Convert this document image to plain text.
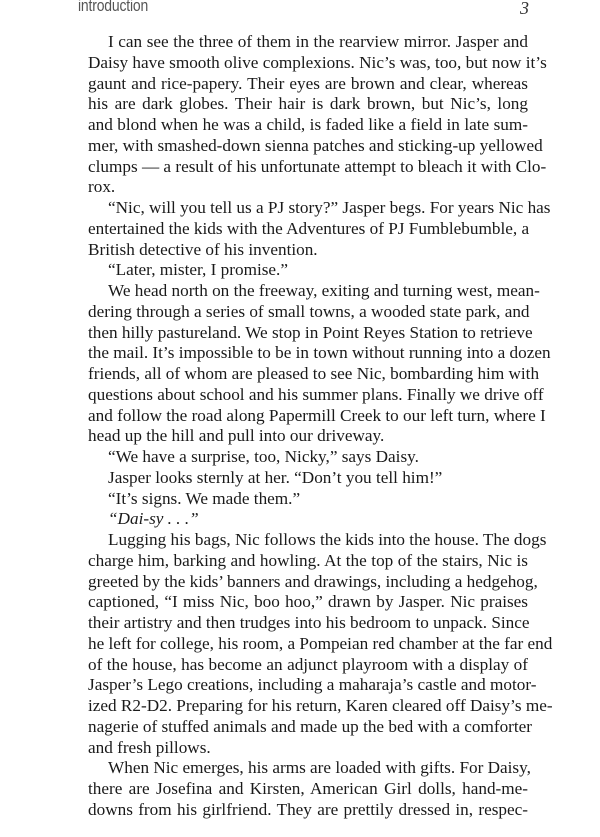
introduction	3
I can see the three of them in the rearview mirror. Jasper and
Daisy have smooth olive complexions. Nic’s was, too, but now it’s
gaunt and rice-papery. Their eyes are brown and clear, whereas
his are dark globes. Their hair is dark brown, but Nic’s, long
and blond when he was a child, is faded like a field in late sum-
mer, with smashed-down sienna patches and sticking-up yellowed
clumps — a result of his unfortunate attempt to bleach it with Clo-
rox.
“Nic, will you tell us a PJ story?” Jasper begs. For years Nic has
entertained the kids with the Adventures of PJ Fumblebumble, a
British detective of his invention.
“Later, mister, I promise.”
We head north on the freeway, exiting and turning west, mean-
dering through a series of small towns, a wooded state park, and
then hilly pastureland. We stop in Point Reyes Station to retrieve
the mail. It’s impossible to be in town without running into a dozen
friends, all of whom are pleased to see Nic, bombarding him with
questions about school and his summer plans. Finally we drive off
and follow the road along Papermill Creek to our left turn, where I
head up the hill and pull into our driveway.
“We have a surprise, too, Nicky,” says Daisy.
Jasper looks sternly at her. “Don’t you tell him!”
“It’s signs. We made them.”
“Dai-sy . . .”
Lugging his bags, Nic follows the kids into the house. The dogs
charge him, barking and howling. At the top of the stairs, Nic is
greeted by the kids’ banners and drawings, including a hedgehog,
captioned, “I miss Nic, boo hoo,” drawn by Jasper. Nic praises
their artistry and then trudges into his bedroom to unpack. Since
he left for college, his room, a Pompeian red chamber at the far end
of the house, has become an adjunct playroom with a display of
Jasper’s Lego creations, including a maharaja’s castle and motor-
ized R2-D2. Preparing for his return, Karen cleared off Daisy’s me-
nagerie of stuffed animals and made up the bed with a comforter
and fresh pillows.
When Nic emerges, his arms are loaded with gifts. For Daisy,
there are Josefina and Kirsten, American Girl dolls, hand-me-
downs from his girlfriend. They are prettily dressed in, respec-
